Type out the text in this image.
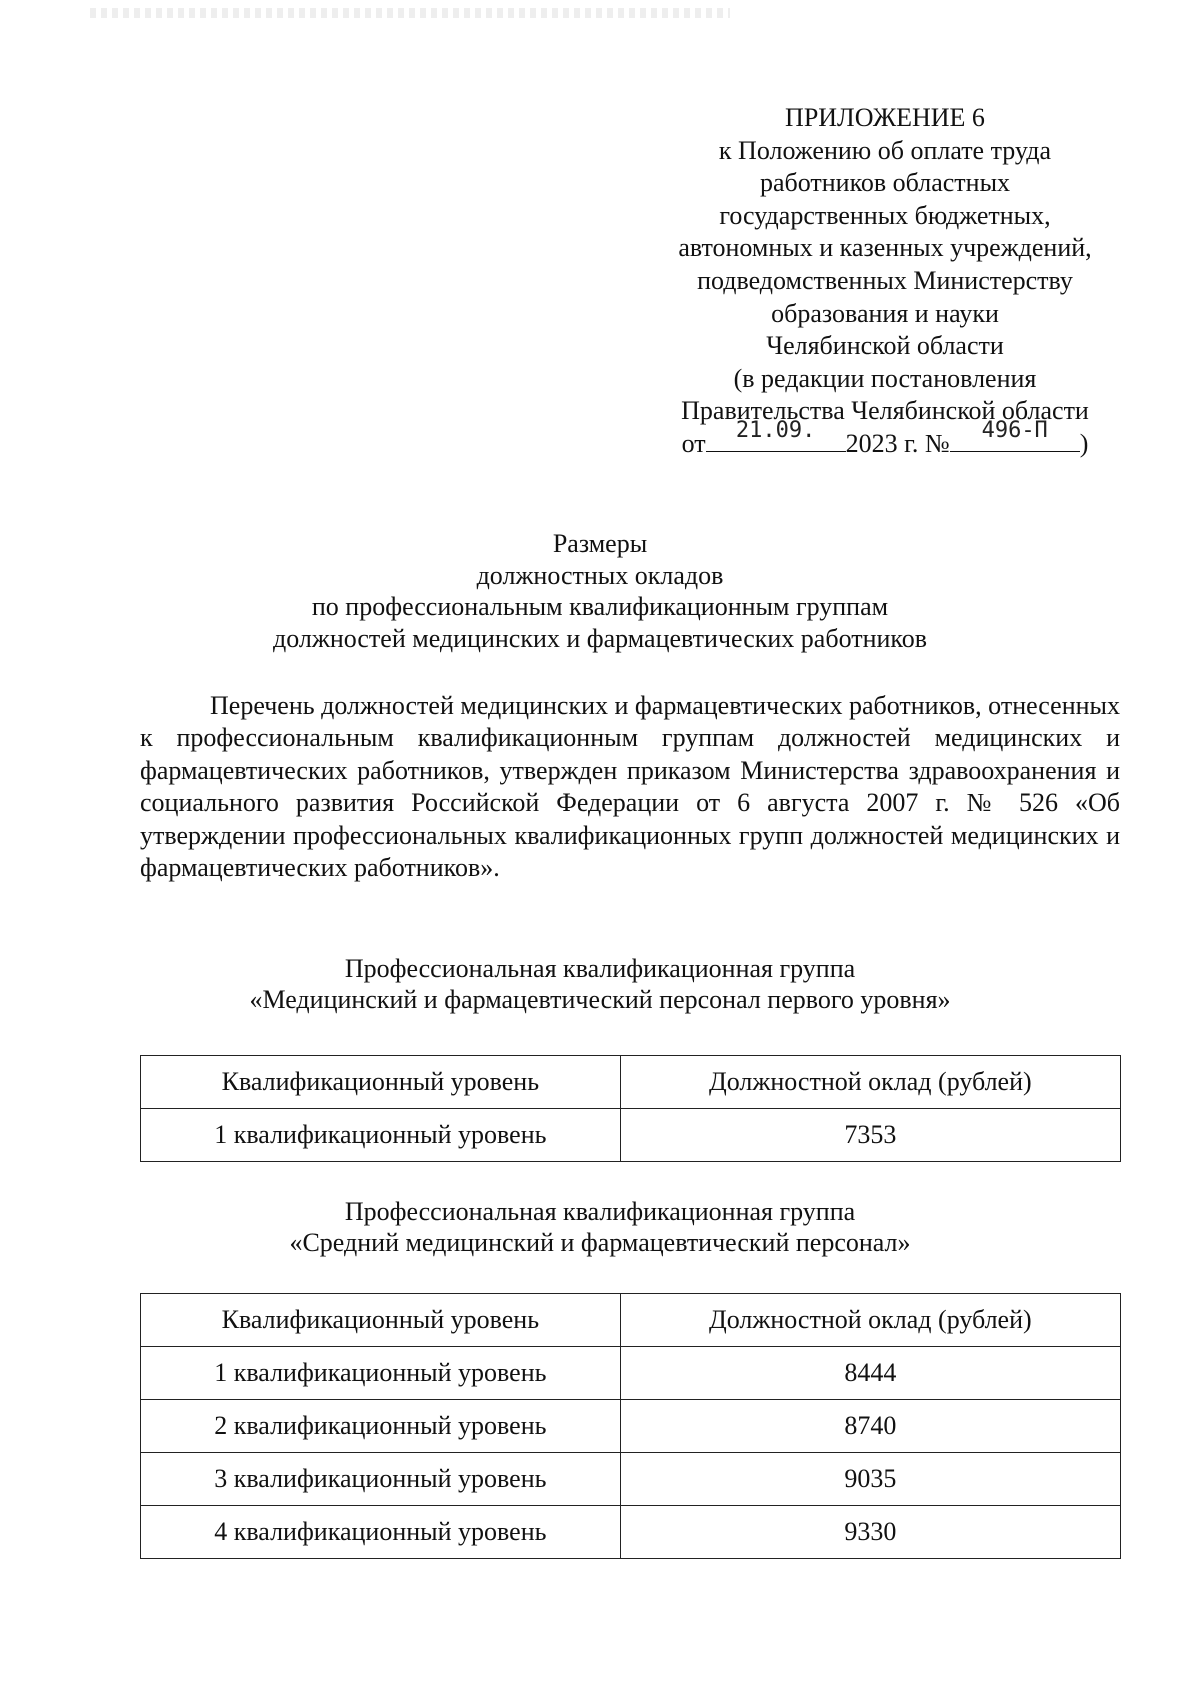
ПРИЛОЖЕНИЕ 6
к Положению об оплате труда
работников областных
государственных бюджетных,
автономных и казенных учреждений,
подведомственных Министерству
образования и науки
Челябинской области
(в редакции постановления
Правительства Челябинской области
от	21.09.	2023 г. №	496-П	)
Размеры
должностных окладов
по профессиональным квалификационным группам
должностей медицинских и фармацевтических работников

Перечень должностей медицинских и фармацевтических работников, отнесенных к профессиональным квалификационным группам должностей медицинских и фармацевтических работников, утвержден приказом Министерства здравоохранения и социального развития Российской Федерации от 6 августа 2007 г. № 526 «Об утверждении профессиональных квалификационных групп должностей медицинских и фармацевтических работников».

Профессиональная квалификационная группа
«Медицинский и фармацевтический персонал первого уровня»
Квалификационный уровень	Должностной оклад (рублей)
1 квалификационный уровень	7353
Профессиональная квалификационная группа
«Средний медицинский и фармацевтический персонал»
Квалификационный уровень	Должностной оклад (рублей)
1 квалификационный уровень	8444
2 квалификационный уровень	8740
3 квалификационный уровень	9035
4 квалификационный уровень	9330
